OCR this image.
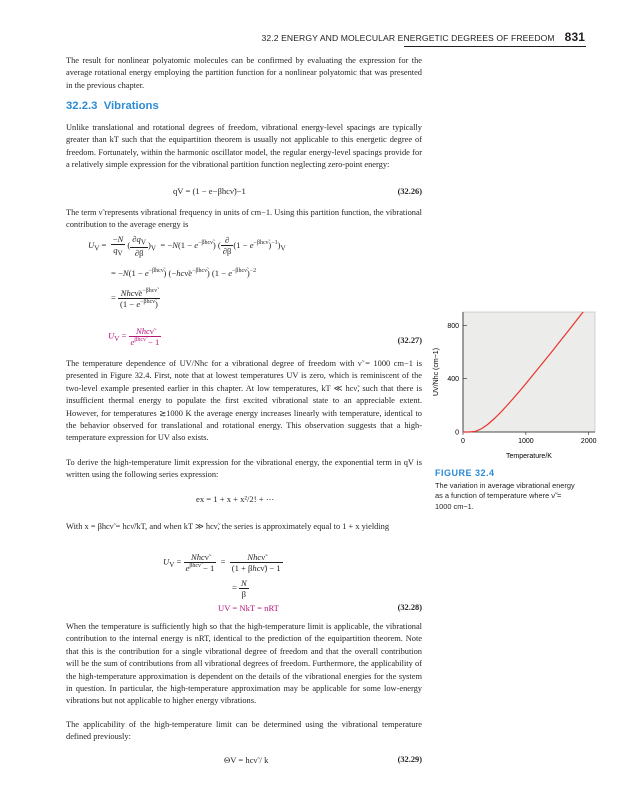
32.2 ENERGY AND MOLECULAR ENERGETIC DEGREES OF FREEDOM 831
The result for nonlinear polyatomic molecules can be confirmed by evaluating the expression for the average rotational energy employing the partition function for a nonlinear polyatomic that was presented in the previous chapter.
32.2.3 Vibrations
Unlike translational and rotational degrees of freedom, vibrational energy-level spacings are typically greater than kT such that the equipartition theorem is usually not applicable to this energetic degree of freedom. Fortunately, within the harmonic oscillator model, the regular energy-level spacings provide for a relatively simple expression for the vibrational partition function neglecting zero-point energy:
qV = (1 − e−βhcν̃)−1	(32.26)
The term ν̃ represents vibrational frequency in units of cm−1. Using this partition function, the vibrational contribution to the average energy is
$U_V = \frac{-N}{q_V}$ ( $\frac{\partial q_V}{\partial\beta} )_V = -N(1 - e^{-\beta hc\nũ})$ ( $\frac{\partial}{\partial\beta} (1 - e^{-\beta hc\nũ})^{-1})_V$
= $-N(1 - e^{-\beta hc\nũ})$ $(-hc\nũe^{-\beta hc\nũ}) (1 - e^{-\beta hc\nũ})^{-2}$
= $\frac{Nhc\nũe^{-\beta hc\nũ}}{(1 - e^{-\beta hc\nũ})}$
$U_V = \frac{\text{Nhcν̃}}{e^{\beta hc\nũ} - 1}$	(32.27)
The temperature dependence of UV/Nhc for a vibrational degree of freedom with ν̃ = 1000 cm−1 is presented in Figure 32.4. First, note that at lowest temperatures UV is zero, which is reminiscent of the two-level example presented earlier in this chapter. At low temperatures, kT ≪ hcν̃, such that there is insufficient thermal energy to populate the first excited vibrational state to an appreciable extent. However, for temperatures ≳1000 K the average energy increases linearly with temperature, identical to the behavior observed for translational and rotational energy. This observation suggests that a high-temperature expression for UV also exists.
To derive the high-temperature limit expression for the vibrational energy, the exponential term in qV is written using the following series expression:
ex = 1 + x + x²/2! + ⋯
With x = βhcν̃ = hcν̃/kT, and when kT ≫ hcν̃, the series is approximately equal to 1 + x yielding
$U_V = \frac{\text{Nhcν̃}}{e^{\beta hc\nũ} - 1} = \frac{\text{Nhcν̃}}{\text{(1 + βhcν̃) − 1}}$
= $\frac{N}{\beta}$
UV = NkT = nRT	(32.28)
When the temperature is sufficiently high so that the high-temperature limit is applicable, the vibrational contribution to the internal energy is nRT, identical to the prediction of the equipartition theorem. Note that this is the contribution for a single vibrational degree of freedom and that the overall contribution will be the sum of contributions from all vibrational degrees of freedom. Furthermore, the applicability of the high-temperature approximation is dependent on the details of the vibrational energies for the system in question. In particular, the high-temperature approximation may be applicable for some low-energy vibrations but not applicable to higher energy vibrations.
The applicability of the high-temperature limit can be determined using the vibrational temperature defined previously:
ΘV = hcν̃ / k	(32.29)
0
400
800
0	1000	2000
Temperature/K
UV/Nhc (cm−1)
FIGURE 32.4
The variation in average vibrational energy as a function of temperature where ν̃ = 1000 cm−1.
